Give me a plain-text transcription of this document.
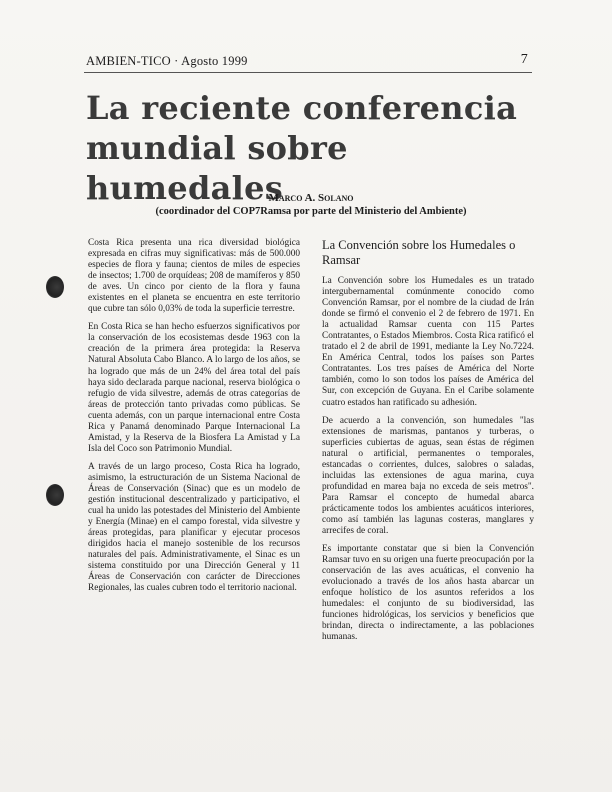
AMBIEN-TICO · Agosto 1999	7
La reciente conferencia
mundial sobre humedales
Marco A. Solano
(coordinador del COP7Ramsa por parte del Ministerio del Ambiente)

Costa Rica presenta una rica diversidad biológica expresada en cifras muy significativas: más de 500.000 especies de flora y fauna; cientos de miles de especies de insectos; 1.700 de orquídeas; 208 de mamíferos y 850 de aves. Un cinco por ciento de la flora y fauna existentes en el planeta se encuentra en este territorio que cubre tan sólo 0,03% de toda la superficie terrestre.

En Costa Rica se han hecho esfuerzos significativos por la conservación de los ecosistemas desde 1963 con la creación de la primera área protegida: la Reserva Natural Absoluta Cabo Blanco. A lo largo de los años, se ha logrado que más de un 24% del área total del país haya sido declarada parque nacional, reserva biológica o refugio de vida silvestre, además de otras categorías de áreas de protección tanto privadas como públicas. Se cuenta además, con un parque internacional entre Costa Rica y Panamá denominado Parque Internacional La Amistad, y la Reserva de la Biosfera La Amistad y La Isla del Coco son Patrimonio Mundial.

A través de un largo proceso, Costa Rica ha logrado, asimismo, la estructuración de un Sistema Nacional de Áreas de Conservación (Sinac) que es un modelo de gestión institucional descentralizado y participativo, el cual ha unido las potestades del Ministerio del Ambiente y Energía (Minae) en el campo forestal, vida silvestre y áreas protegidas, para planificar y ejecutar procesos dirigidos hacia el manejo sostenible de los recursos naturales del país. Administrativamente, el Sinac es un sistema constituido por una Dirección General y 11 Áreas de Conservación con carácter de Direcciones Regionales, las cuales cubren todo el territorio nacional.

La Convención sobre los Humedales o Ramsar

La Convención sobre los Humedales es un tratado intergubernamental comúnmente conocido como Convención Ramsar, por el nombre de la ciudad de Irán donde se firmó el convenio el 2 de febrero de 1971. En la actualidad Ramsar cuenta con 115 Partes Contratantes, o Estados Miembros. Costa Rica ratificó el tratado el 2 de abril de 1991, mediante la Ley No.7224. En América Central, todos los países son Partes Contratantes. Los tres países de América del Norte también, como lo son todos los países de América del Sur, con excepción de Guyana. En el Caribe solamente cuatro estados han ratificado su adhesión.

De acuerdo a la convención, son humedales "las extensiones de marismas, pantanos y turberas, o superficies cubiertas de aguas, sean éstas de régimen natural o artificial, permanentes o temporales, estancadas o corrientes, dulces, salobres o saladas, incluidas las extensiones de agua marina, cuya profundidad en marea baja no exceda de seis metros". Para Ramsar el concepto de humedal abarca prácticamente todos los ambientes acuáticos interiores, como así también las lagunas costeras, manglares y arrecifes de coral.

Es importante constatar que si bien la Convención Ramsar tuvo en su origen una fuerte preocupación por la conservación de las aves acuáticas, el convenio ha evolucionado a través de los años hasta abarcar un enfoque holístico de los asuntos referidos a los humedales: el conjunto de su biodiversidad, las funciones hidrológicas, los servicios y beneficios que brindan, directa o indirectamente, a las poblaciones humanas.
